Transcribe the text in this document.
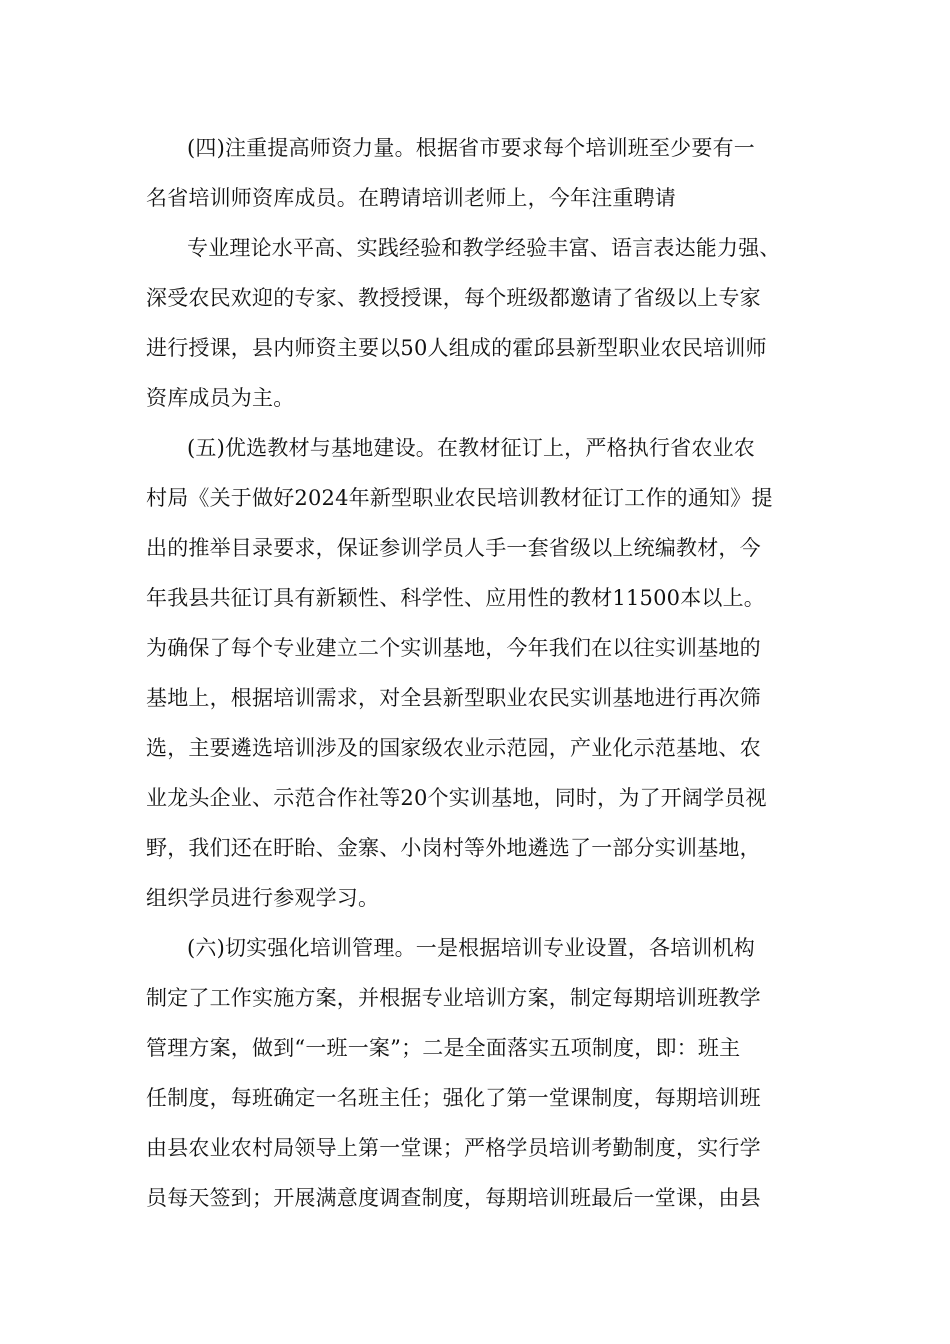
(四)注重提高师资力量。根据省市要求每个培训班至少要有一
名省培训师资库成员。在聘请培训老师上，今年注重聘请
专业理论水平高、实践经验和教学经验丰富、语言表达能力强、
深受农民欢迎的专家、教授授课，每个班级都邀请了省级以上专家
进行授课，县内师资主要以50人组成的霍邱县新型职业农民培训师
资库成员为主。
(五)优选教材与基地建设。在教材征订上，严格执行省农业农
村局《关于做好2024年新型职业农民培训教材征订工作的通知》提
出的推举目录要求，保证参训学员人手一套省级以上统编教材，今
年我县共征订具有新颖性、科学性、应用性的教材11500本以上。
为确保了每个专业建立二个实训基地，今年我们在以往实训基地的
基地上，根据培训需求，对全县新型职业农民实训基地进行再次筛
选，主要遴选培训涉及的国家级农业示范园，产业化示范基地、农
业龙头企业、示范合作社等20个实训基地，同时，为了开阔学员视
野，我们还在盱眙、金寨、小岗村等外地遴选了一部分实训基地，
组织学员进行参观学习。
(六)切实强化培训管理。一是根据培训专业设置，各培训机构
制定了工作实施方案，并根据专业培训方案，制定每期培训班教学
管理方案，做到“一班一案”；二是全面落实五项制度，即：班主
任制度，每班确定一名班主任；强化了第一堂课制度，每期培训班
由县农业农村局领导上第一堂课；严格学员培训考勤制度，实行学
员每天签到；开展满意度调查制度，每期培训班最后一堂课，由县
